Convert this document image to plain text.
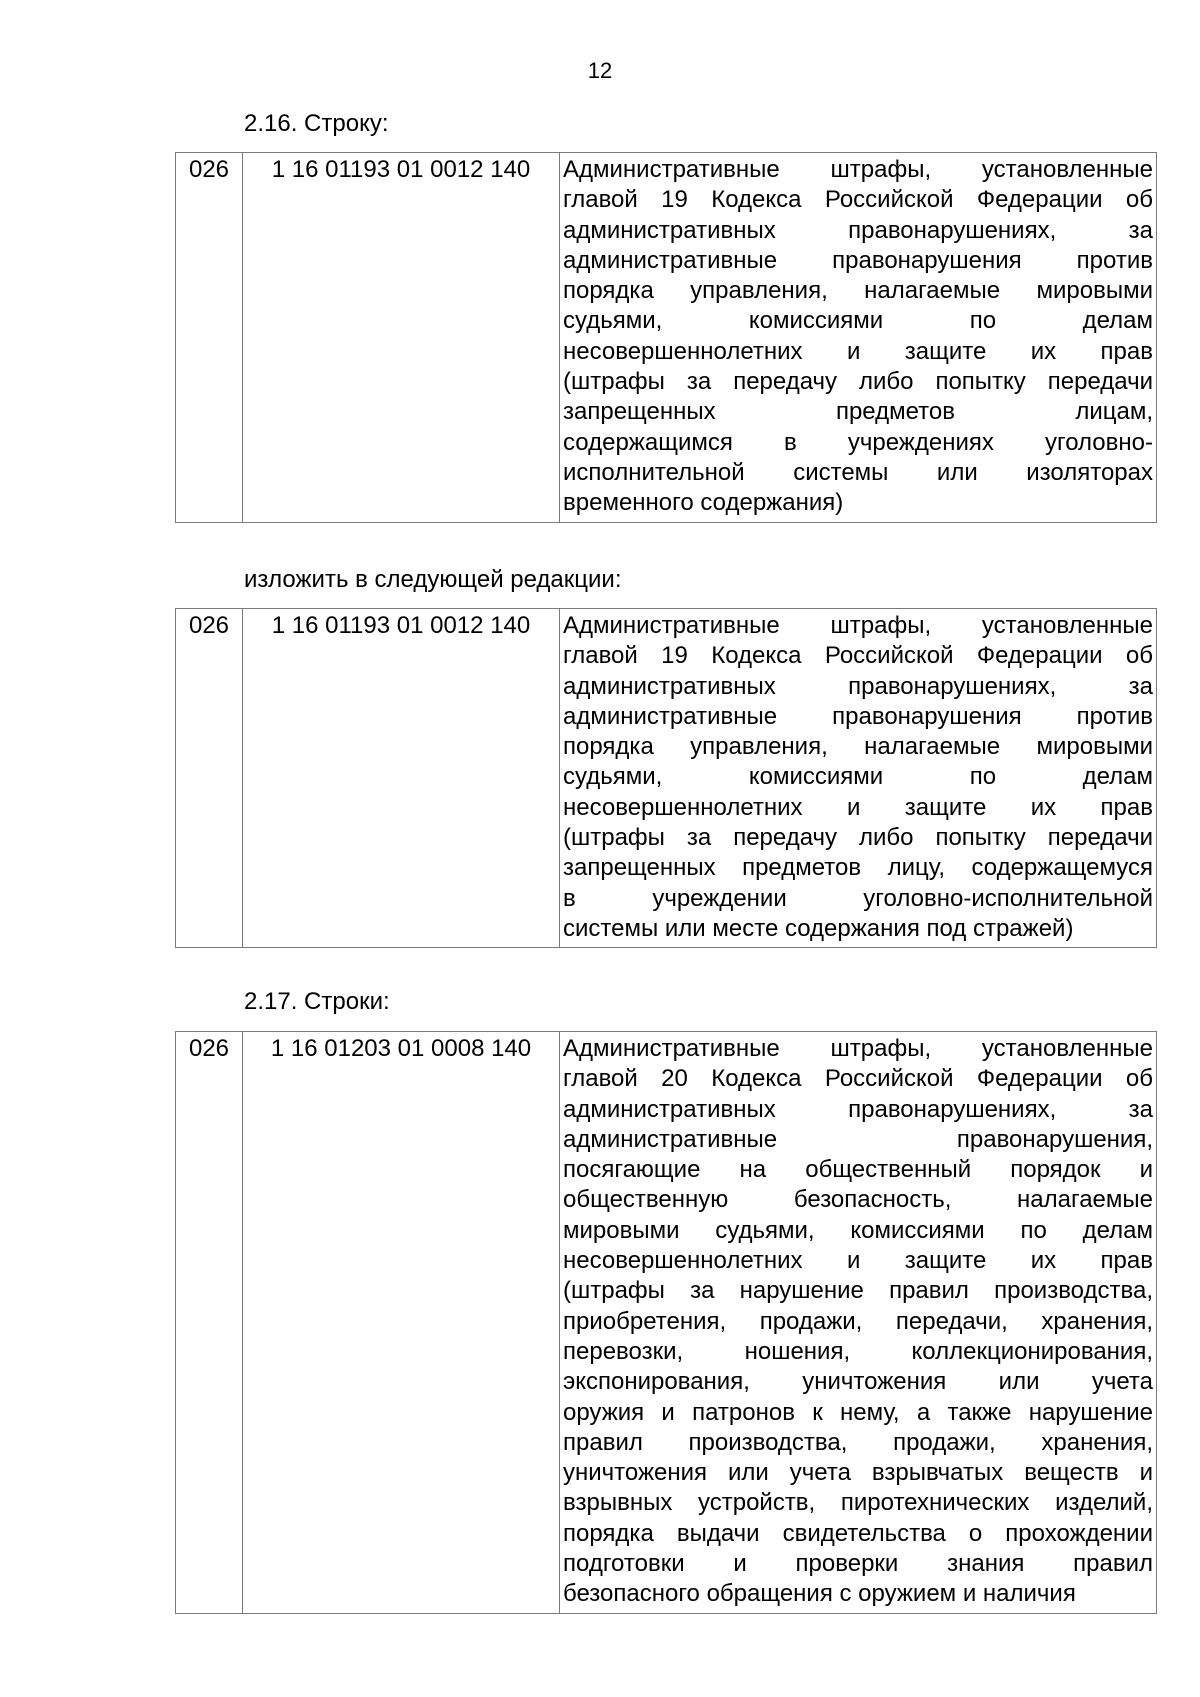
12
2.16. Строку:
026	1 16 01193 01 0012 140	Административные штрафы, установленные
главой 19 Кодекса Российской Федерации об
административных правонарушениях, за
административные правонарушения против
порядка управления, налагаемые мировыми
судьями, комиссиями по делам
несовершеннолетних и защите их прав
(штрафы за передачу либо попытку передачи
запрещенных предметов лицам,
содержащимся в учреждениях уголовно-
исполнительной системы или изоляторах
временного содержания)
изложить в следующей редакции:
026	1 16 01193 01 0012 140	Административные штрафы, установленные
главой 19 Кодекса Российской Федерации об
административных правонарушениях, за
административные правонарушения против
порядка управления, налагаемые мировыми
судьями, комиссиями по делам
несовершеннолетних и защите их прав
(штрафы за передачу либо попытку передачи
запрещенных предметов лицу, содержащемуся
в учреждении уголовно-исполнительной
системы или месте содержания под стражей)
2.17. Строки:
026	1 16 01203 01 0008 140	Административные штрафы, установленные
главой 20 Кодекса Российской Федерации об
административных правонарушениях, за
административные правонарушения,
посягающие на общественный порядок и
общественную безопасность, налагаемые
мировыми судьями, комиссиями по делам
несовершеннолетних и защите их прав
(штрафы за нарушение правил производства,
приобретения, продажи, передачи, хранения,
перевозки, ношения, коллекционирования,
экспонирования, уничтожения или учета
оружия и патронов к нему, а также нарушение
правил производства, продажи, хранения,
уничтожения или учета взрывчатых веществ и
взрывных устройств, пиротехнических изделий,
порядка выдачи свидетельства о прохождении
подготовки и проверки знания правил
безопасного обращения с оружием и наличия
